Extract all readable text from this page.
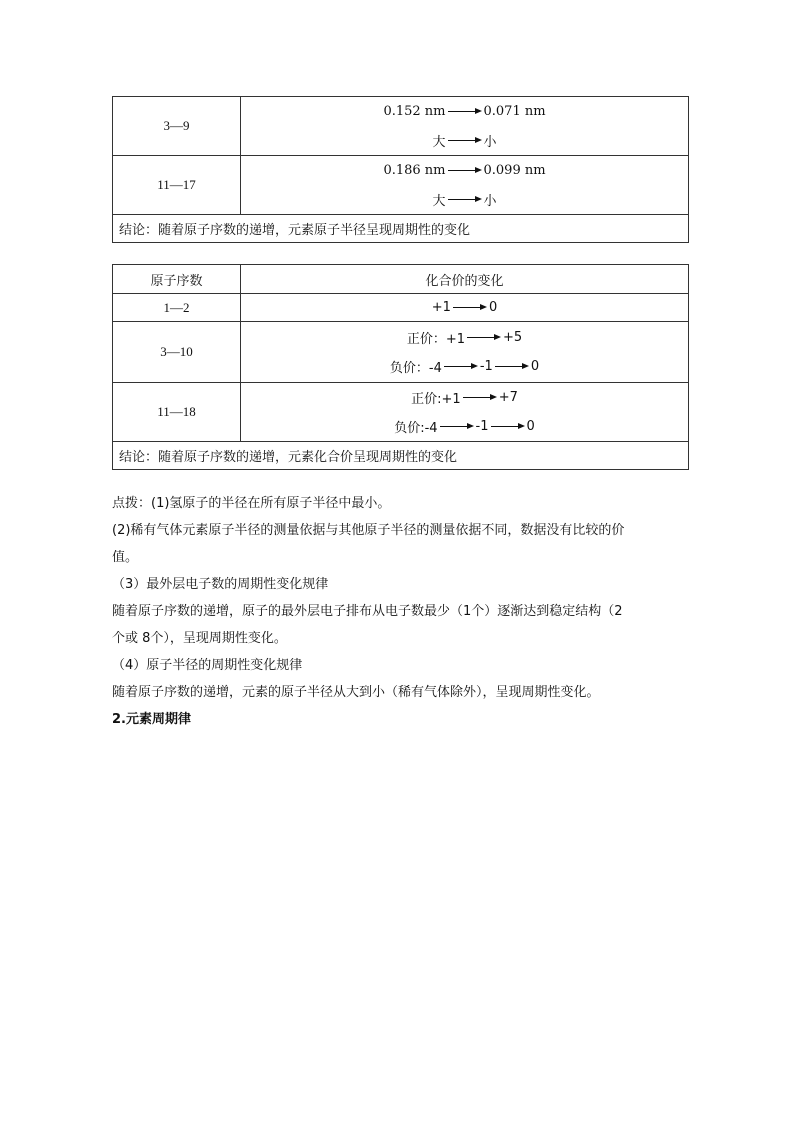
3—9	0.152 nm 0.071 nm
大 小

11—17	0.186 nm 0.099 nm
大 小

结论：随着原子序数的递增，元素原子半径呈现周期性的变化	
原子序数	化合价的变化
1—2	+1 0

3—10	正价：+1 +5
负价：-4 -1 0

11—18	正价:+1 +7
负价:-4 -1 0

结论：随着原子序数的递增，元素化合价呈现周期性的变化	

点拨：(1)氢原子的半径在所有原子半径中最小。

(2)稀有气体元素原子半径的测量依据与其他原子半径的测量依据不同，数据没有比较的价

值。

（3）最外层电子数的周期性变化规律

随着原子序数的递增，原子的最外层电子排布从电子数最少（1个）逐渐达到稳定结构（2

个或 8个），呈现周期性变化。

（4）原子半径的周期性变化规律

随着原子序数的递增，元素的原子半径从大到小（稀有气体除外），呈现周期性变化。

2.元素周期律
